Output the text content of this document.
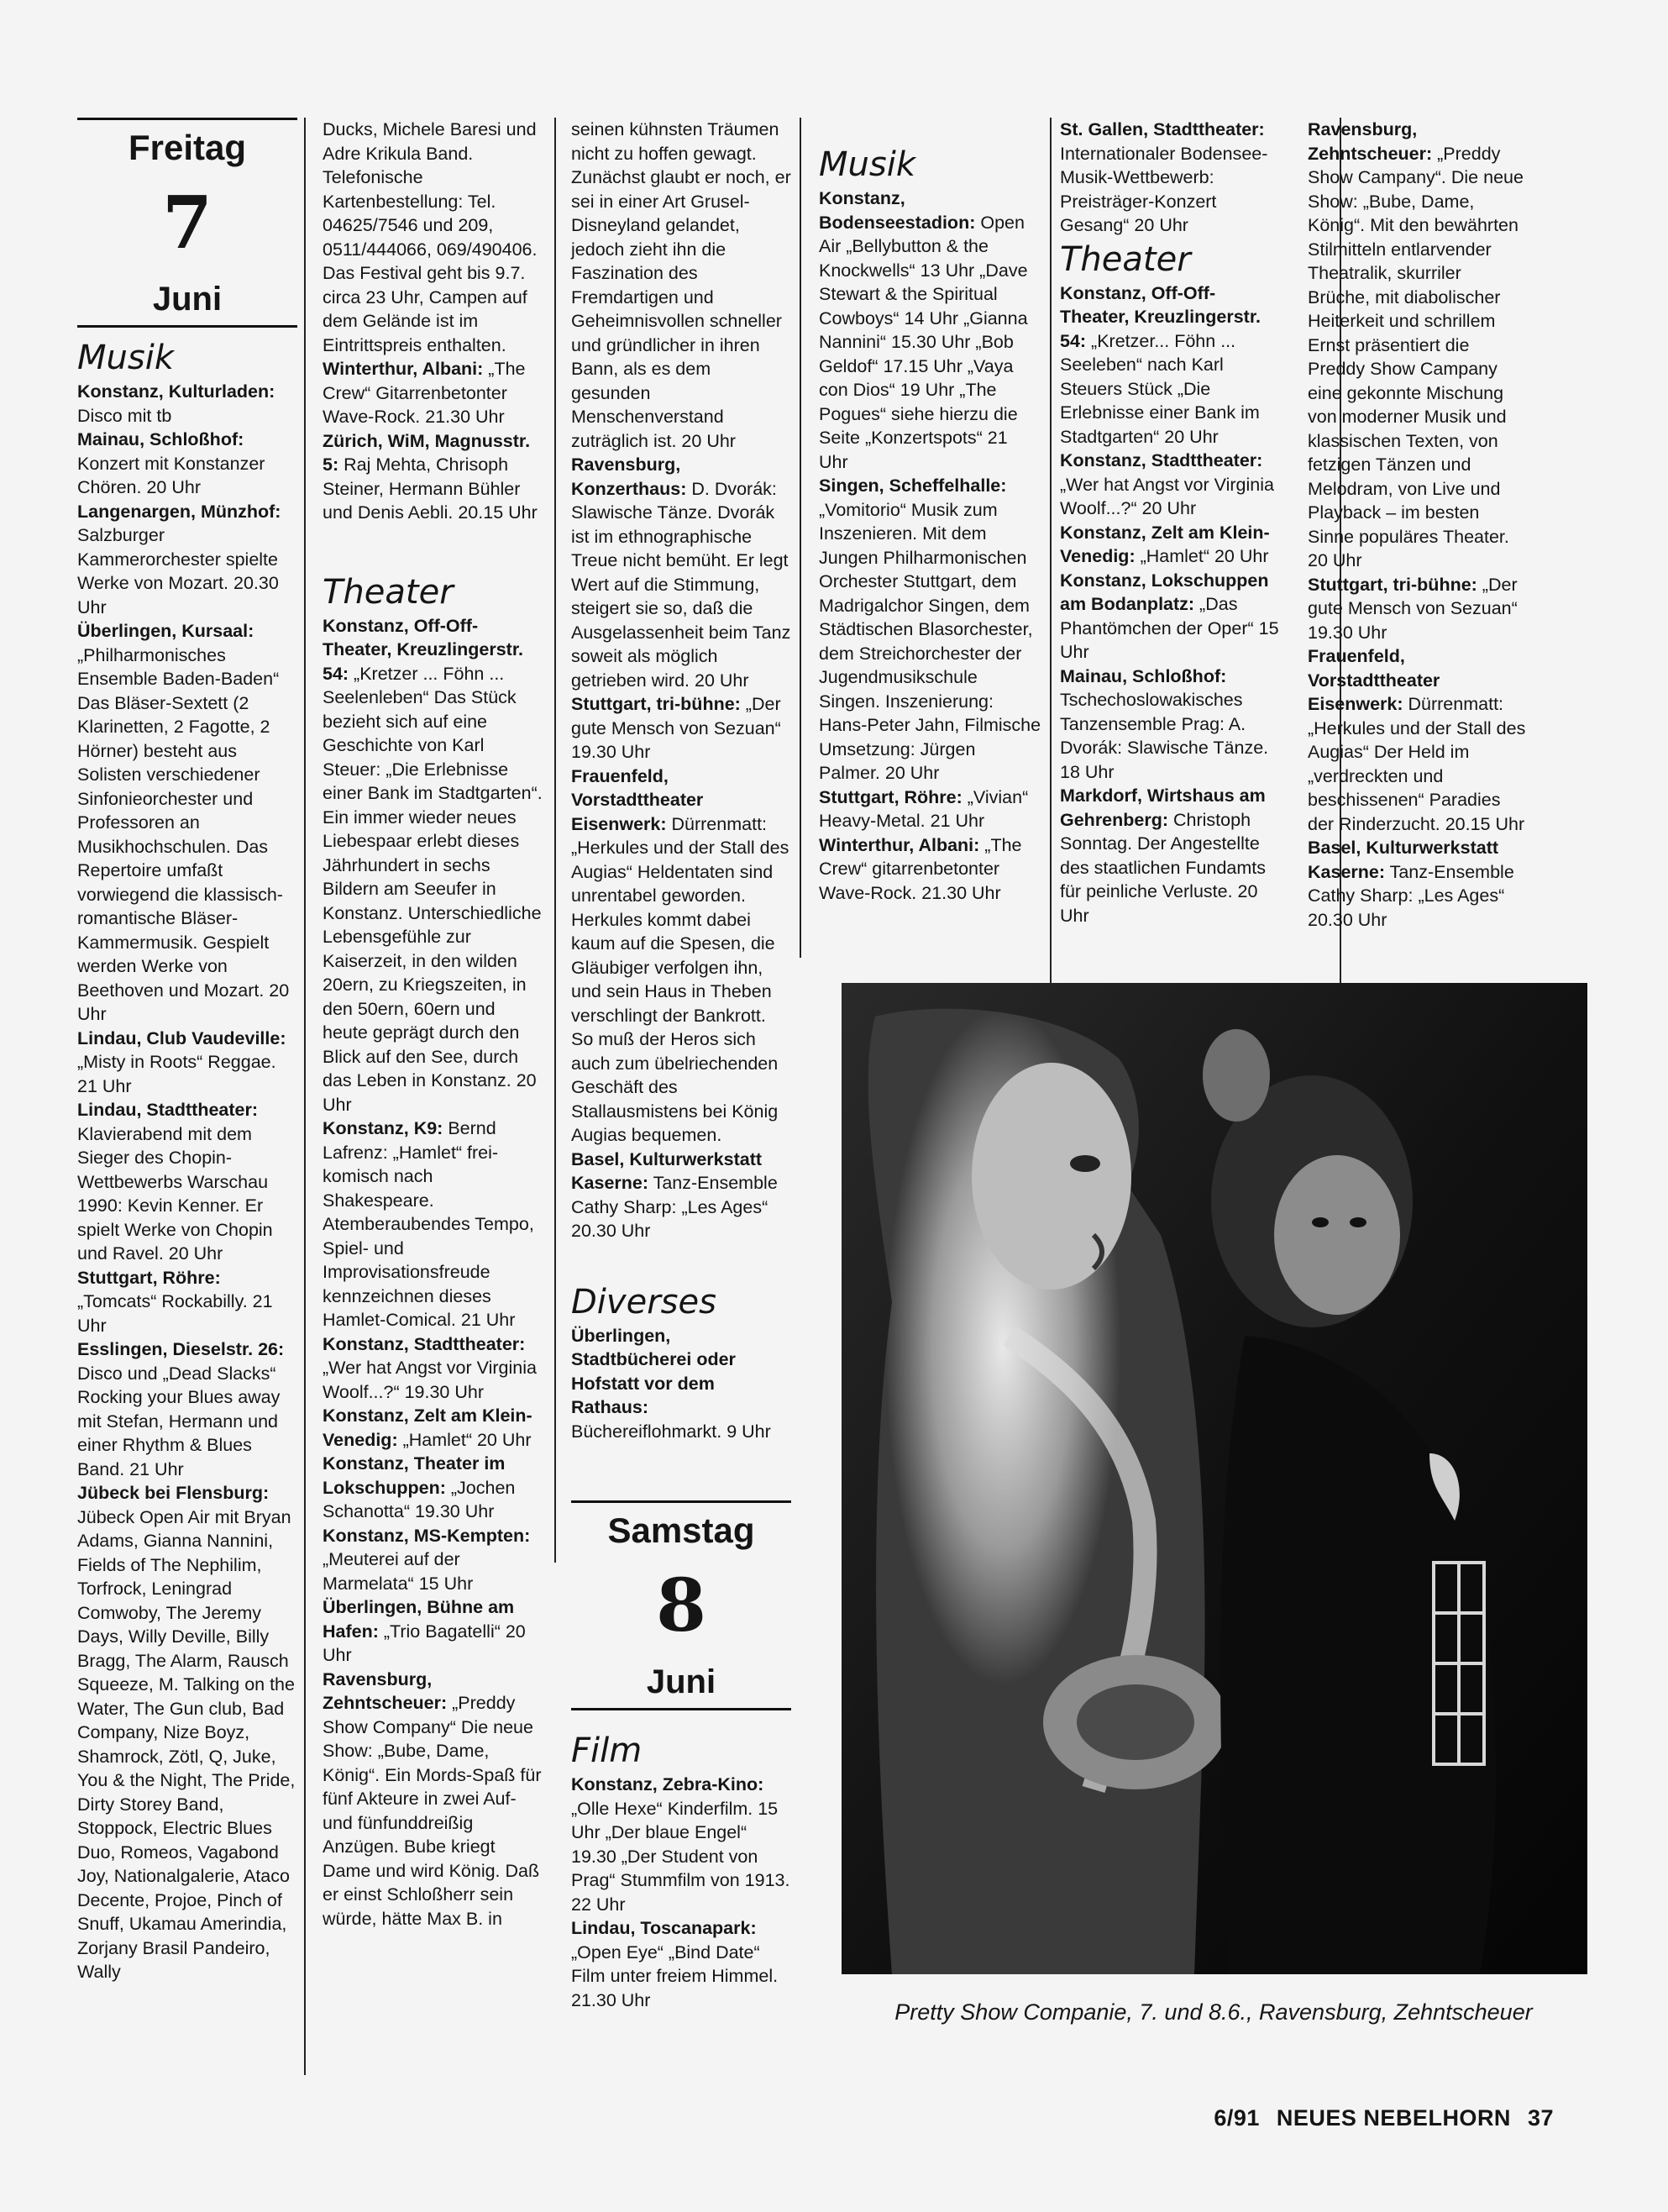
Freitag
7
Juni
Musik

Konstanz, Kulturladen: Disco mit tb

Mainau, Schloßhof: Konzert mit Konstanzer Chören. 20 Uhr

Langenargen, Münzhof: Salzburger Kammerorchester spielte Werke von Mozart. 20.30 Uhr

Überlingen, Kursaal: „Philharmonisches Ensemble Baden-Baden“ Das Bläser-Sextett (2 Klarinetten, 2 Fagotte, 2 Hörner) besteht aus Solisten verschiedener Sinfonieorchester und Professoren an Musikhochschulen. Das Repertoire umfaßt vorwiegend die klassisch-romantische Bläser-Kammermusik. Gespielt werden Werke von Beethoven und Mozart. 20 Uhr

Lindau, Club Vaudeville: „Misty in Roots“ Reggae. 21 Uhr

Lindau, Stadttheater: Klavierabend mit dem Sieger des Chopin-Wettbewerbs Warschau 1990: Kevin Kenner. Er spielt Werke von Chopin und Ravel. 20 Uhr

Stuttgart, Röhre: „Tomcats“ Rockabilly. 21 Uhr

Esslingen, Dieselstr. 26: Disco und „Dead Slacks“ Rocking your Blues away mit Stefan, Hermann und einer Rhythm & Blues Band. 21 Uhr

Jübeck bei Flensburg: Jübeck Open Air mit Bryan Adams, Gianna Nannini, Fields of The Nephilim, Torfrock, Leningrad Comwoby, The Jeremy Days, Willy Deville, Billy Bragg, The Alarm, Rausch Squeeze, M. Talking on the Water, The Gun club, Bad Company, Nize Boyz, Shamrock, Zötl, Q, Juke, You & the Night, The Pride, Dirty Storey Band, Stoppock, Electric Blues Duo, Romeos, Vagabond Joy, Nationalgalerie, Ataco Decente, Projoe, Pinch of Snuff, Ukamau Amerindia, Zorjany Brasil Pandeiro, Wally

Ducks, Michele Baresi und Adre Krikula Band. Telefonische Kartenbestellung: Tel. 04625/7546 und 209, 0511/444066, 069/490406. Das Festival geht bis 9.7. circa 23 Uhr, Campen auf dem Gelände ist im Eintrittspreis enthalten.

Winterthur, Albani: „The Crew“ Gitarrenbetonter Wave-Rock. 21.30 Uhr

Zürich, WiM, Magnusstr. 5: Raj Mehta, Chrisoph Steiner, Hermann Bühler und Denis Aebli. 20.15 Uhr

Theater

Konstanz, Off-Off-Theater, Kreuzlingerstr. 54: „Kretzer ... Föhn ... Seelenleben“ Das Stück bezieht sich auf eine Geschichte von Karl Steuer: „Die Erlebnisse einer Bank im Stadtgarten“. Ein immer wieder neues Liebespaar erlebt dieses Jährhundert in sechs Bildern am Seeufer in Konstanz. Unterschiedliche Lebensgefühle zur Kaiserzeit, in den wilden 20ern, zu Kriegszeiten, in den 50ern, 60ern und heute geprägt durch den Blick auf den See, durch das Leben in Konstanz. 20 Uhr

Konstanz, K9: Bernd Lafrenz: „Hamlet“ frei-komisch nach Shakespeare. Atemberaubendes Tempo, Spiel- und Improvisationsfreude kennzeichnen dieses Hamlet-Comical. 21 Uhr

Konstanz, Stadttheater: „Wer hat Angst vor Virginia Woolf...?“ 19.30 Uhr

Konstanz, Zelt am Klein-Venedig: „Hamlet“ 20 Uhr

Konstanz, Theater im Lokschuppen: „Jochen Schanotta“ 19.30 Uhr

Konstanz, MS-Kempten: „Meuterei auf der Marmelata“ 15 Uhr

Überlingen, Bühne am Hafen: „Trio Bagatelli“ 20 Uhr

Ravensburg, Zehntscheuer: „Preddy Show Company“ Die neue Show: „Bube, Dame, König“. Ein Mords-Spaß für fünf Akteure in zwei Auf- und fünfunddreißig Anzügen. Bube kriegt Dame und wird König. Daß er einst Schloßherr sein würde, hätte Max B. in

seinen kühnsten Träumen nicht zu hoffen gewagt. Zunächst glaubt er noch, er sei in einer Art Grusel-Disneyland gelandet, jedoch zieht ihn die Faszination des Fremdartigen und Geheimnisvollen schneller und gründlicher in ihren Bann, als es dem gesunden Menschenverstand zuträglich ist. 20 Uhr

Ravensburg, Konzerthaus: D. Dvorák: Slawische Tänze. Dvorák ist im ethnographische Treue nicht bemüht. Er legt Wert auf die Stimmung, steigert sie so, daß die Ausgelassenheit beim Tanz soweit als möglich getrieben wird. 20 Uhr

Stuttgart, tri-bühne: „Der gute Mensch von Sezuan“ 19.30 Uhr

Frauenfeld, Vorstadttheater Eisenwerk: Dürrenmatt: „Herkules und der Stall des Augias“ Heldentaten sind unrentabel geworden. Herkules kommt dabei kaum auf die Spesen, die Gläubiger verfolgen ihn, und sein Haus in Theben verschlingt der Bankrott. So muß der Heros sich auch zum übelriechenden Geschäft des Stallausmistens bei König Augias bequemen.

Basel, Kulturwerkstatt Kaserne: Tanz-Ensemble Cathy Sharp: „Les Ages“ 20.30 Uhr

Diverses

Überlingen, Stadtbücherei oder Hofstatt vor dem Rathaus: Büchereiflohmarkt. 9 Uhr

Samstag
8
Juni
Film

Konstanz, Zebra-Kino: „Olle Hexe“ Kinderfilm. 15 Uhr „Der blaue Engel“ 19.30 „Der Student von Prag“ Stummfilm von 1913. 22 Uhr

Lindau, Toscanapark: „Open Eye“ „Bind Date“ Film unter freiem Himmel. 21.30 Uhr

Musik

Konstanz, Bodenseestadion: Open Air „Bellybutton & the Knockwells“ 13 Uhr „Dave Stewart & the Spiritual Cowboys“ 14 Uhr „Gianna Nannini“ 15.30 Uhr „Bob Geldof“ 17.15 Uhr „Vaya con Dios“ 19 Uhr „The Pogues“ siehe hierzu die Seite „Konzertspots“ 21 Uhr

Singen, Scheffelhalle: „Vomitorio“ Musik zum Inszenieren. Mit dem Jungen Philharmonischen Orchester Stuttgart, dem Madrigalchor Singen, dem Städtischen Blasorchester, dem Streichorchester der Jugendmusikschule Singen. Inszenierung: Hans-Peter Jahn, Filmische Umsetzung: Jürgen Palmer. 20 Uhr

Stuttgart, Röhre: „Vivian“ Heavy-Metal. 21 Uhr

Winterthur, Albani: „The Crew“ gitarrenbetonter Wave-Rock. 21.30 Uhr

St. Gallen, Stadttheater: Internationaler Bodensee-Musik-Wettbewerb: Preisträger-Konzert Gesang“ 20 Uhr

Theater

Konstanz, Off-Off-Theater, Kreuzlingerstr. 54: „Kretzer... Föhn ... Seeleben“ nach Karl Steuers Stück „Die Erlebnisse einer Bank im Stadtgarten“ 20 Uhr

Konstanz, Stadttheater: „Wer hat Angst vor Virginia Woolf...?“ 20 Uhr

Konstanz, Zelt am Klein-Venedig: „Hamlet“ 20 Uhr

Konstanz, Lokschuppen am Bodanplatz: „Das Phantömchen der Oper“ 15 Uhr

Mainau, Schloßhof: Tschechoslowakisches Tanzensemble Prag: A. Dvorák: Slawische Tänze. 18 Uhr

Markdorf, Wirtshaus am Gehrenberg: Christoph Sonntag. Der Angestellte des staatlichen Fundamts für peinliche Verluste. 20 Uhr

Ravensburg, Zehntscheuer: „Preddy Show Campany“. Die neue Show: „Bube, Dame, König“. Mit den bewährten Stilmitteln entlarvender Theatralik, skurriler Brüche, mit diabolischer Heiterkeit und schrillem Ernst präsentiert die Preddy Show Campany eine gekonnte Mischung von moderner Musik und klassischen Texten, von fetzigen Tänzen und Melodram, von Live und Playback – im besten Sinne populäres Theater. 20 Uhr

Stuttgart, tri-bühne: „Der gute Mensch von Sezuan“ 19.30 Uhr

Frauenfeld, Vorstadttheater Eisenwerk: Dürrenmatt: „Herkules und der Stall des Augias“ Der Held im „verdreckten und beschissenen“ Paradies der Rinderzucht. 20.15 Uhr

Basel, Kulturwerkstatt Kaserne: Tanz-Ensemble Cathy Sharp: „Les Ages“ 20.30 Uhr

Pretty Show Companie, 7. und 8.6., Ravensburg, Zehntscheuer
6/91 NEUES NEBELHORN 37
